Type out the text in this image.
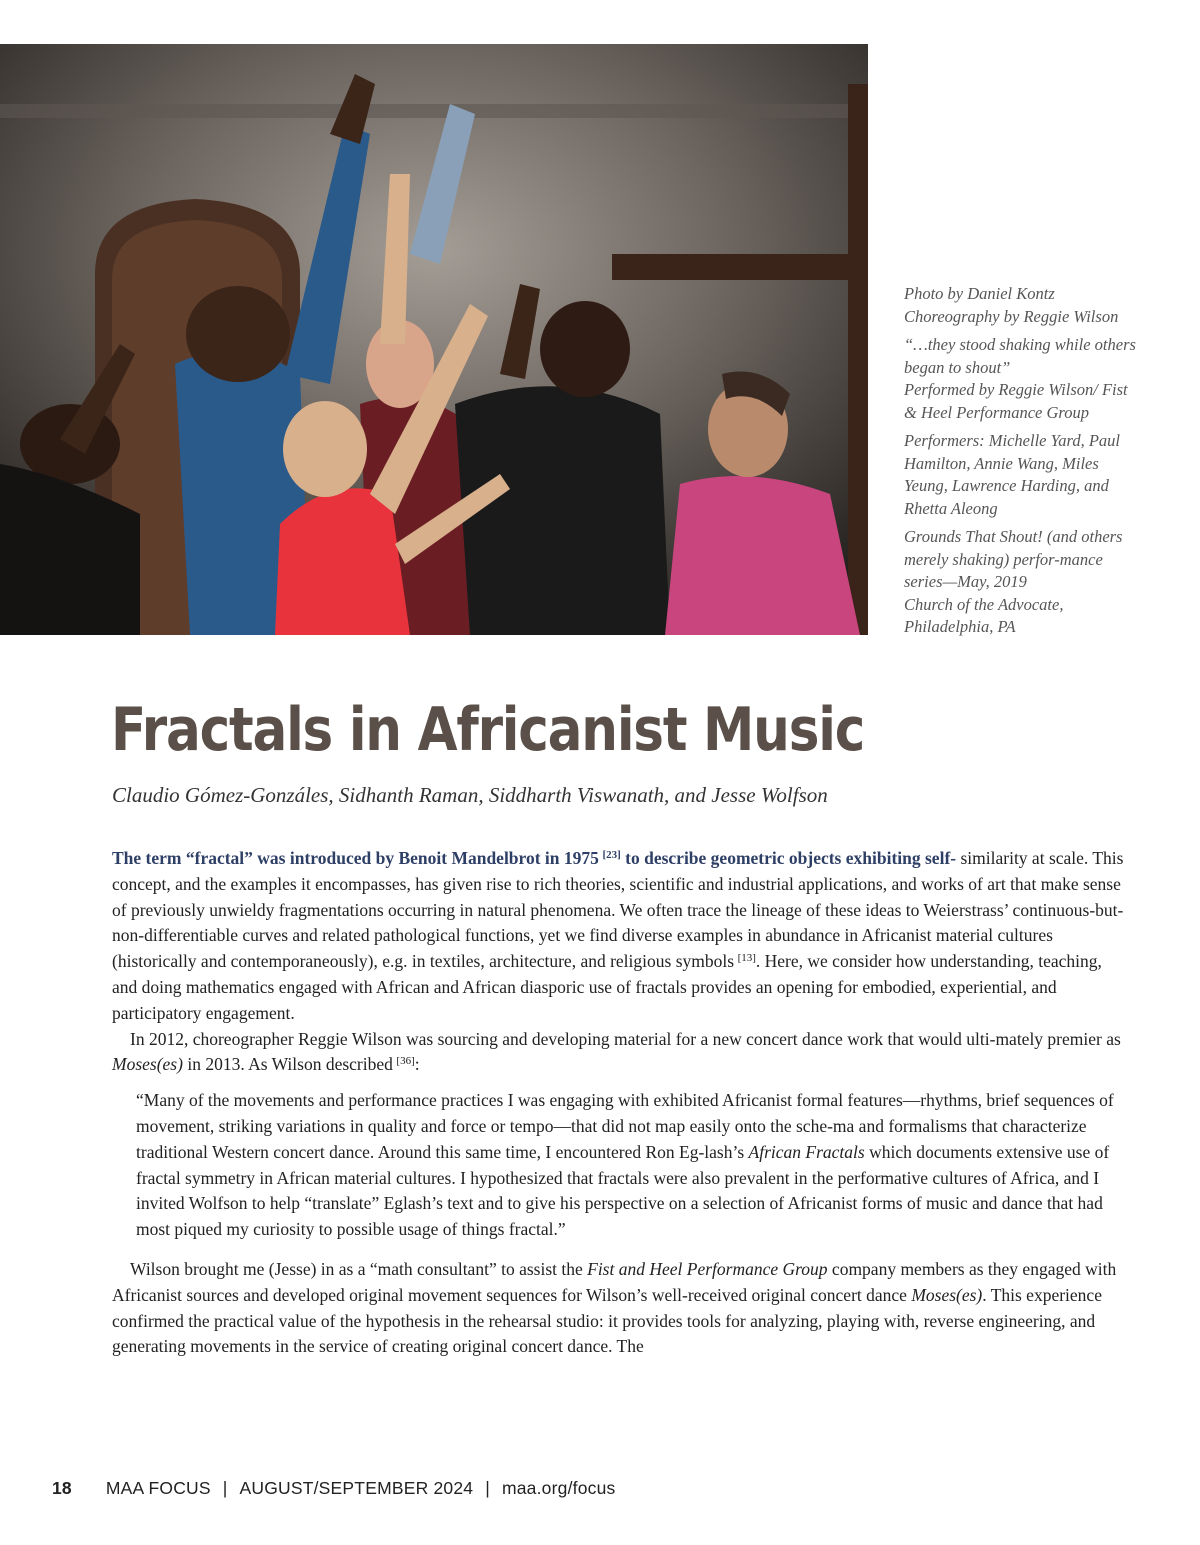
Photo by Daniel Kontz
Choreography by Reggie Wilson

“…they stood shaking while others began to shout”
Performed by Reggie Wilson/ Fist & Heel Performance Group

Performers: Michelle Yard, Paul Hamilton, Annie Wang, Miles Yeung, Lawrence Harding, and Rhetta Aleong

Grounds That Shout! (and others merely shaking) perfor-mance series—May, 2019
Church of the Advocate,
Philadelphia, PA

Fractals in Africanist Music

Claudio Gómez-Gonzáles, Sidhanth Raman, Siddharth Viswanath, and Jesse Wolfson

The term “fractal” was introduced by Benoit Mandelbrot in 1975  [23] to describe geometric objects exhibiting self- similarity at scale. This concept, and the examples it encompasses, has given rise to rich theories, scientific and industrial applications, and works of art that make sense of previously unwieldy fragmentations occurring in natural phenomena. We often trace the lineage of these ideas to Weierstrass’ continuous-but-non-differentiable curves and related pathological functions, yet we find diverse examples in abundance in Africanist material cultures (historically and contemporaneously), e.g. in textiles, architecture, and religious symbols  [13]. Here, we consider how understanding, teaching, and doing mathematics engaged with African and African diasporic use of fractals provides an opening for embodied, experiential, and participatory engagement.

In 2012, choreographer Reggie Wilson was sourcing and developing material for a new concert dance work that would ulti-mately premier as Moses(es) in 2013. As Wilson described  [36]:

“Many of the movements and performance practices I was engaging with exhibited Africanist formal features—rhythms, brief sequences of movement, striking variations in quality and force or tempo—that did not map easily onto the sche-ma and formalisms that characterize traditional Western concert dance. Around this same time, I encountered Ron Eg-lash’s African Fractals which documents extensive use of fractal symmetry in African material cultures. I hypothesized that fractals were also prevalent in the performative cultures of Africa, and I invited Wolfson to help “translate” Eglash’s text and to give his perspective on a selection of Africanist forms of music and dance that had most piqued my curiosity to possible usage of things fractal.”

Wilson brought me (Jesse) in as a “math consultant” to assist the Fist and Heel Performance Group company members as they engaged with Africanist sources and developed original movement sequences for Wilson’s well-received original concert dance Moses(es). This experience confirmed the practical value of the hypothesis in the rehearsal studio: it provides tools for analyzing, playing with, reverse engineering, and generating movements in the service of creating original concert dance. The

18 MAA FOCUS | AUGUST/SEPTEMBER 2024 | maa.org/focus
